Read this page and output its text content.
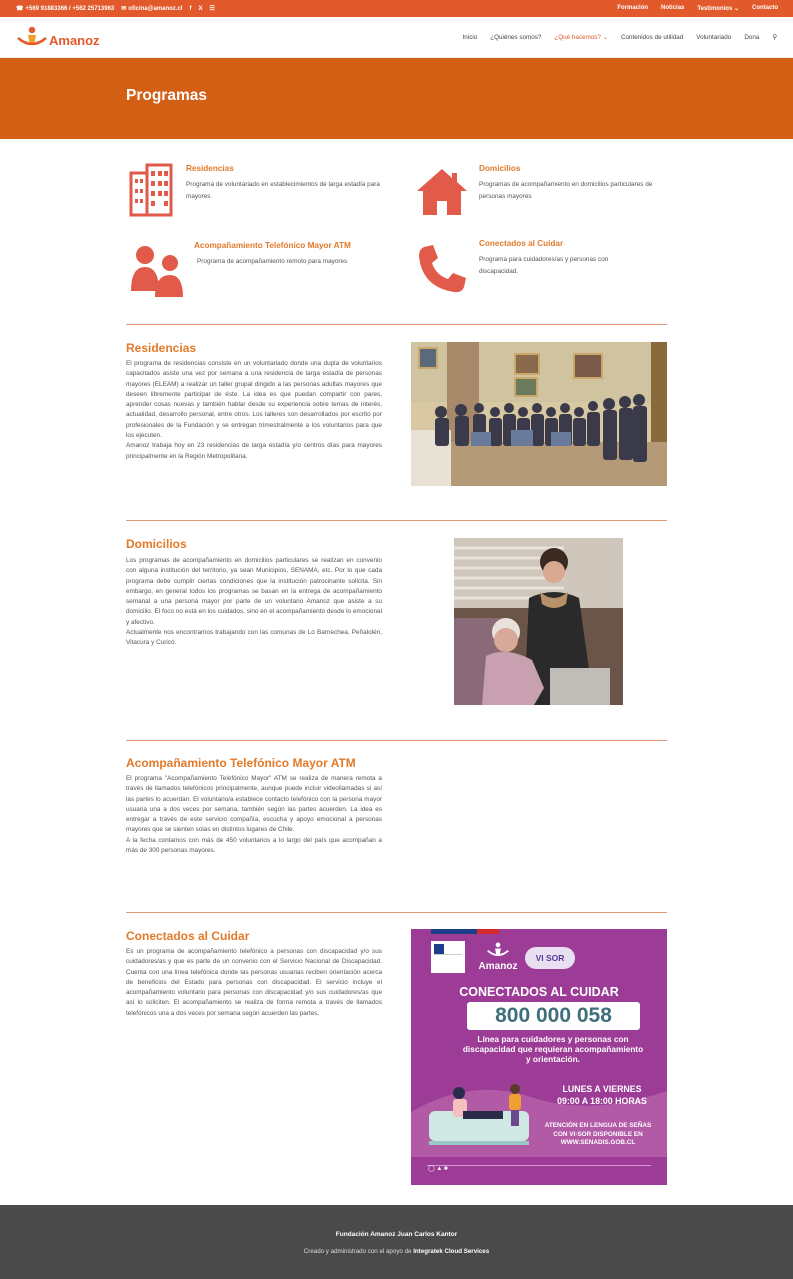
☎ +569 91883366 / +562 25713963 ✉ oficina@amanoz.cl f X ☰	Formación Noticias Testimonios ⌄ Contacto
Amanoz	Inicio ¿Quiénes somos? ¿Qué hacemos? ⌄ Contenidos de utilidad Voluntariado Dona ⚲
Programas
Residencias
Programa de voluntariado en establecimientos de larga estadía para mayores
Domicilios
Programas de acompañamiento en domicilios particulares de personas mayores
Acompañamiento Telefónico Mayor ATM
Programa de acompañamiento remoto para mayores
Conectados al Cuidar
Programa para cuidadores/as y personas con discapacidad.
Residencias
El programa de residencias consiste en un voluntariado donde una dupla de voluntarios capacitados asiste una vez por semana a una residencia de larga estadía de personas mayores (ELEAM) a realizar un taller grupal dirigido a las personas adultas mayores que deseen libremente participar de éste. La idea es que puedan compartir con pares, aprender cosas nuevas y también hablar desde su experiencia sobre temas de interés, actualidad, desarrollo personal, entre otros. Los talleres son desarrollados por escrito por profesionales de la Fundación y se entregan trimestralmente a los voluntarios para que los ejecuten.
Amanoz trabaja hoy en 23 residencias de larga estadía y/o centros días para mayores principalmente en la Región Metropolitana.
Domicilios
Los programas de acompañamiento en domicilios particulares se realizan en convenio con alguna institución del territorio, ya sean Municipios, SENAMA, etc. Por lo que cada programa debe cumplir ciertas condiciones que la institución patrocinante solicita. Sin embargo, en general todos los programas se basan en la entrega de acompañamiento semanal a una persona mayor por parte de un voluntario Amanoz que asiste a su domicilio. El foco no está en los cuidados, sino en el acompañamiento desde lo emocional y afectivo.
Actualmente nos encontramos trabajando con las comunas de Lo Barnechea, Peñalolén, Vitacura y Curicó.
Acompañamiento Telefónico Mayor ATM
El programa "Acompañamiento Telefónico Mayor" ATM se realiza de manera remota a través de llamados telefónicos principalmente, aunque puede incluir videollamadas si así las partes lo acuerdan. El voluntario/a establece contacto telefónico con la persona mayor usuaria una a dos veces por semana, también según las partes acuerden. La idea es entregar a través de este servicio compañía, escucha y apoyo emocional a personas mayores que se sienten solas en distintos lugares de Chile.
A la fecha contamos con más de 450 voluntarios a lo largo del país que acompañan a más de 300 personas mayores.
Conectados al Cuidar
Es un programa de acompañamiento telefónico a personas con discapacidad y/o sus cuidadores/as y que es parte de un convenio con el Servicio Nacional de Discapacidad. Cuenta con una línea telefónica donde las personas usuarias reciben orientación acerca de beneficios del Estado para personas con discapacidad. El servicio incluye el acompañamiento voluntario para personas con discapacidad y/o sus cuidadores/as que así lo soliciten. El acompañamiento se realiza de forma remota a través de llamados telefónicos una a dos veces por semana según acuerden las partes.
Amanoz
VI SOR
CONECTADOS AL CUIDAR
800 000 058
Línea para cuidadores y personas con discapacidad que requieran acompañamiento y orientación.
LUNES A VIERNES
09:00 A 18:00 HORAS
ATENCIÓN EN LENGUA DE SEÑAS CON VI-SOR DISPONIBLE EN WWW.SENADIS.GOB.CL
◯ ▲ ■
Fundación Amanoz Juan Carlos Kantor
Creado y administrado con el apoyo de Integratek Cloud Services
